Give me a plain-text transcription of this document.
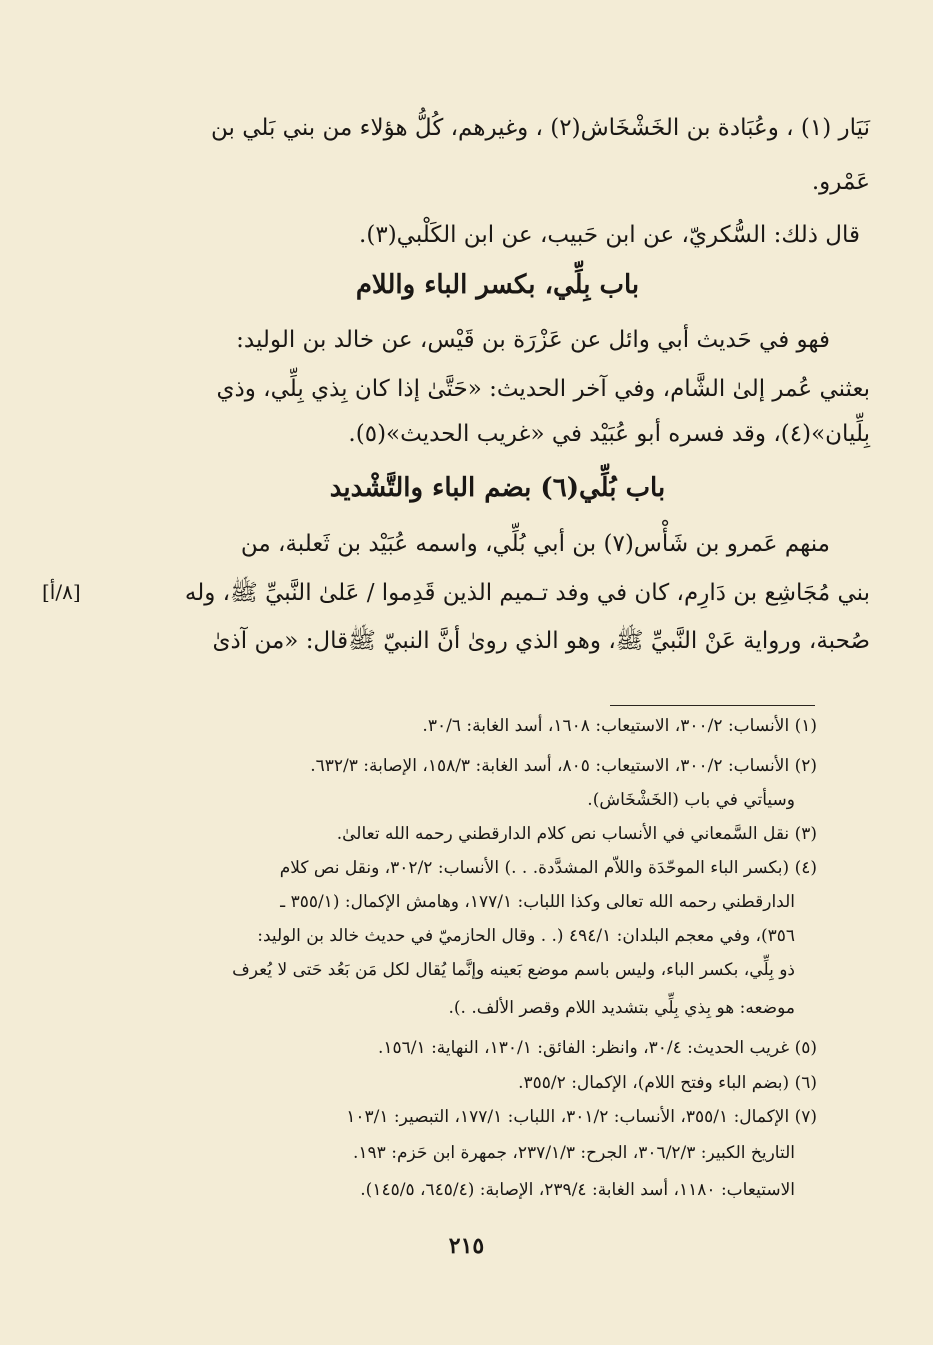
نَيَار (١) ، وعُبَادة بن الخَشْخَاش(٢) ، وغيرهم، كُلُّ هؤلاء من بني بَلي بن
عَمْرو.
قال ذلك: السُّكريّ، عن ابن حَبيب، عن ابن الكَلْبي(٣).
باب بِلِّي، بكسر الباء واللام
فهو في حَديث أبي وائل عن عَزْرَة بن قَيْس، عن خالد بن الوليد:
بعثني عُمر إلىٰ الشَّام، وفي آخر الحديث: «حَتَّىٰ إذا كان بِذي بِلِّي، وذي
بِلِّيان»(٤)، وقد فسره أبو عُبَيْد في «غريب الحديث»(٥).
باب بُلِّي(٦) بضم الباء والتَّشْديد
منهم عَمرو بن شَأْس(٧) بن أبي بُلِّي، واسمه عُبَيْد بن ثَعلبة، من
بني مُجَاشِع بن دَارِم، كان في وفد تـميم الذين قَدِموا / عَلىٰ النَّبيِّ ﷺ، وله
صُحبة، ورواية عَنْ النَّبيِّ ﷺ، وهو الذي روىٰ أنَّ النبيّ ﷺقال: «من آذىٰ
[٨/أ]
(١) الأنساب: ٣٠٠/٢، الاستيعاب: ١٦٠٨، أسد الغابة: ٣٠/٦.
(٢) الأنساب: ٣٠٠/٢، الاستيعاب: ٨٠٥، أسد الغابة: ١٥٨/٣، الإصابة: ٦٣٢/٣.
وسيأتي في باب (الخَشْخَاش).
(٣) نقل السَّمعاني في الأنساب نص كلام الدارقطني رحمه الله تعالىٰ.
(٤) (بكسر الباء الموحّدَة واللاّم المشدَّدة. . .) الأنساب: ٣٠٢/٢، ونقل نص كلام
الدارقطني رحمه الله تعالى وكذا اللباب: ١٧٧/١، وهامش الإكمال: (٣٥٥/١ ـ
٣٥٦)، وفي معجم البلدان: ٤٩٤/١ (. . وقال الحازميّ في حديث خالد بن الوليد:
ذو بِلِّي، بكسر الباء، وليس باسم موضع بَعينه وإنَّما يُقال لكل مَن بَعُد حَتى لا يُعرف
موضعه: هو بِذي بِلِّي بتشديد اللام وقصر الألف. .).
(٥) غريب الحديث: ٣٠/٤، وانظر: الفائق: ١٣٠/١، النهاية: ١٥٦/١.
(٦) (بضم الباء وفتح اللام)، الإكمال: ٣٥٥/٢.
(٧) الإكمال: ٣٥٥/١، الأنساب: ٣٠١/٢، اللباب: ١٧٧/١، التبصير: ١٠٣/١
التاريخ الكبير: ٣٠٦/٢/٣، الجرح: ٢٣٧/١/٣، جمهرة ابن حَزم: ١٩٣.
الاستيعاب: ١١٨٠، أسد الغابة: ٢٣٩/٤، الإصابة: (٦٤٥/٤، ١٤٥/٥).
٢١٥
